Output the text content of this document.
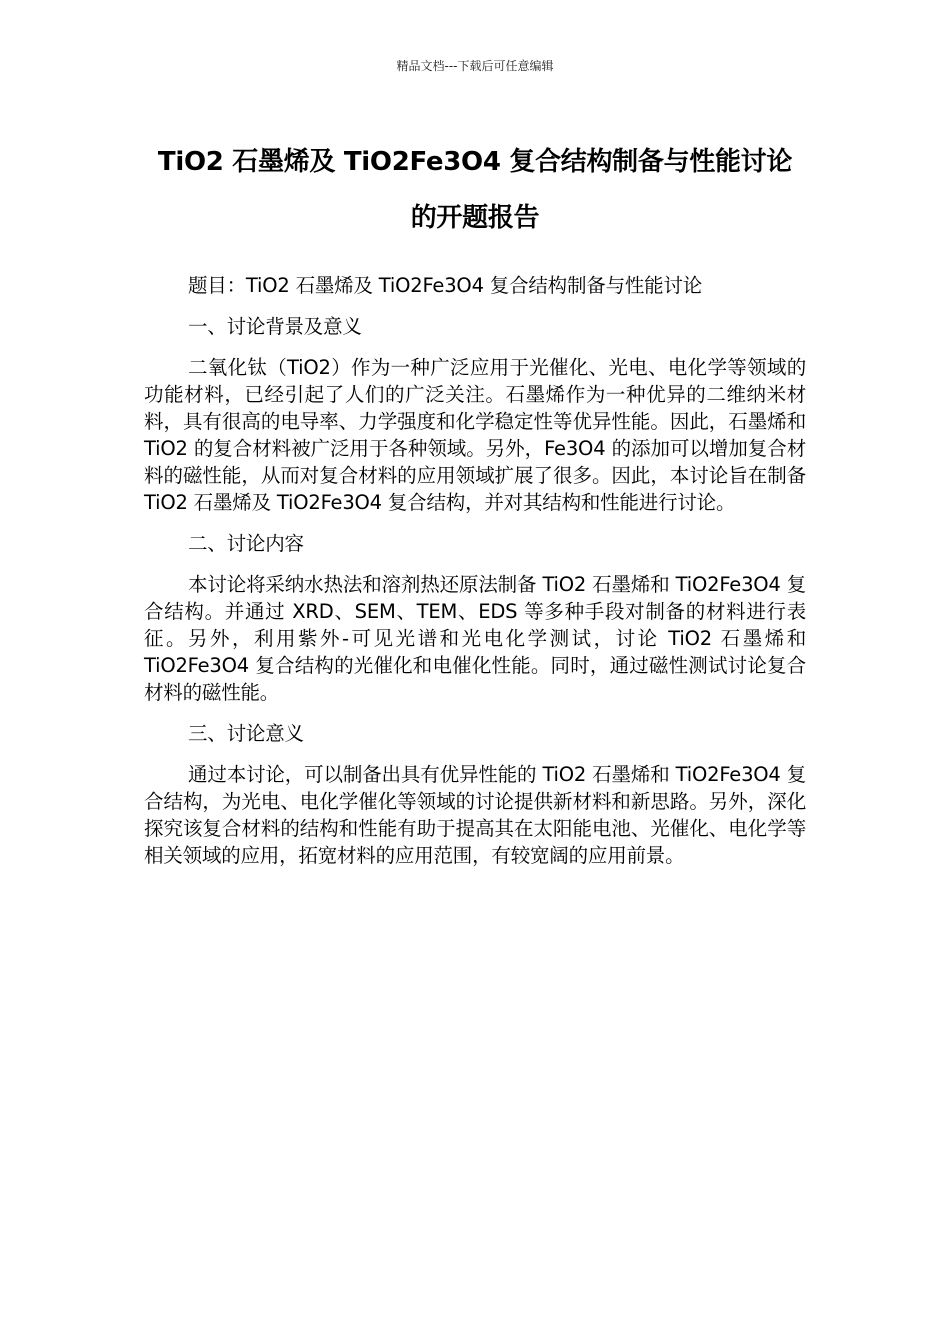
精品文档---下载后可任意编辑
TiO2 石墨烯及 TiO2Fe3O4 复合结构制备与性能讨论
的开题报告

题目：TiO2 石墨烯及 TiO2Fe3O4 复合结构制备与性能讨论

一、讨论背景及意义

二氧化钛（TiO2）作为一种广泛应用于光催化、光电、电化学等领域的功能材料，已经引起了人们的广泛关注。石墨烯作为一种优异的二维纳米材料，具有很高的电导率、力学强度和化学稳定性等优异性能。因此，石墨烯和 TiO2 的复合材料被广泛用于各种领域。另外，Fe3O4 的添加可以增加复合材料的磁性能，从而对复合材料的应用领域扩展了很多。因此，本讨论旨在制备 TiO2 石墨烯及 TiO2Fe3O4 复合结构，并对其结构和性能进行讨论。

二、讨论内容

本讨论将采纳水热法和溶剂热还原法制备 TiO2 石墨烯和 TiO2Fe3O4 复合结构。并通过 XRD、SEM、TEM、EDS 等多种手段对制备的材料进行表征。另外，利用紫外-可见光谱和光电化学测试，讨论 TiO2 石墨烯和 TiO2Fe3O4 复合结构的光催化和电催化性能。同时，通过磁性测试讨论复合材料的磁性能。

三、讨论意义

通过本讨论，可以制备出具有优异性能的 TiO2 石墨烯和 TiO2Fe3O4 复合结构，为光电、电化学催化等领域的讨论提供新材料和新思路。另外，深化探究该复合材料的结构和性能有助于提高其在太阳能电池、光催化、电化学等相关领域的应用，拓宽材料的应用范围，有较宽阔的应用前景。
